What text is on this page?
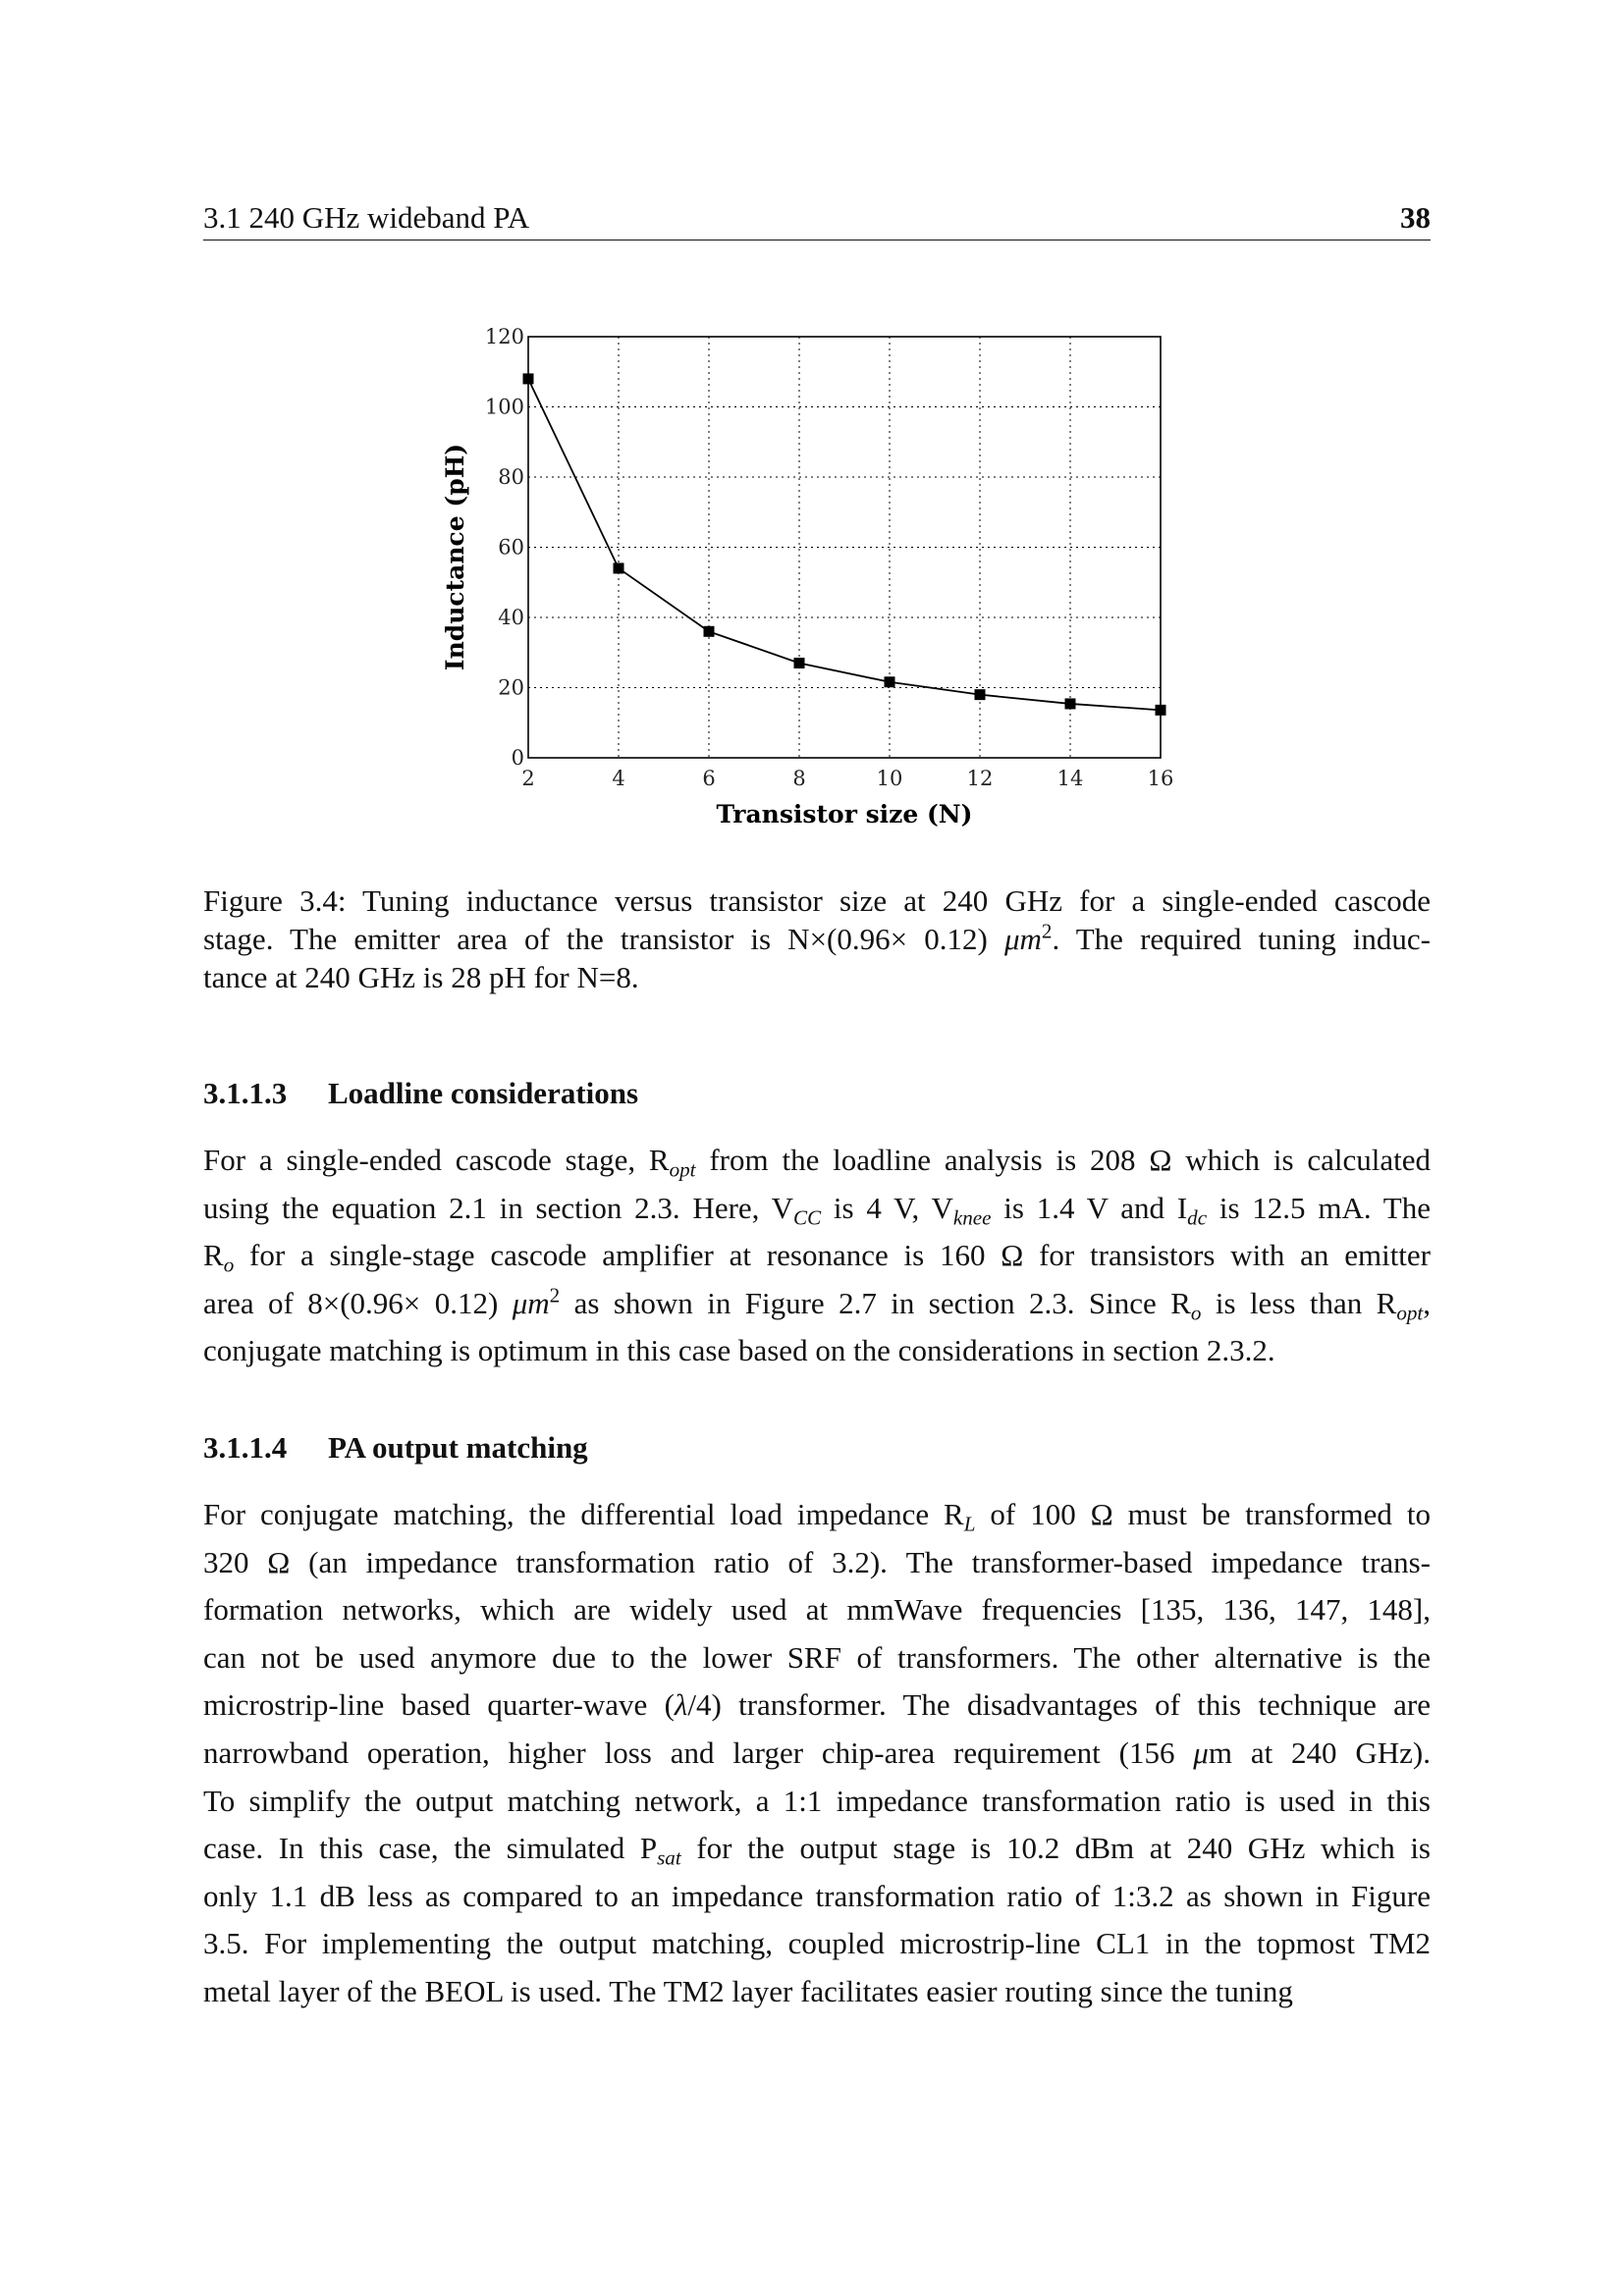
3.1 240 GHz wideband PA	38
0
20
40
60
80
100
120
2	4	6	8	10	12	14	16
Transistor size (N)
Inductance (pH)
Figure 3.4: Tuning inductance versus transistor size at 240 GHz for a single-ended cascode
stage. The emitter area of the transistor is N×(0.96× 0.12) $\mu m^2$. The required tuning induc-
tance at 240 GHz is 28 pH for N=8.
3.1.1.3 Loadline considerations
For a single-ended cascode stage, $R_{opt}$ from the loadline analysis is 208 Ω which is calculated
using the equation 2.1 in section 2.3. Here, $V_{CC}$ is 4 V, $V_{knee}$ is 1.4 V and $I_{dc}$ is 12.5 mA. The
$R_o$ for a single-stage cascode amplifier at resonance is 160 Ω for transistors with an emitter
area of 8×(0.96× 0.12) $\mu m^2$ as shown in Figure 2.7 in section 2.3. Since $R_o$ is less than $R_{opt}$,
conjugate matching is optimum in this case based on the considerations in section 2.3.2.
3.1.1.4 PA output matching
For conjugate matching, the differential load impedance $R_L$ of 100 Ω must be transformed to
320 Ω (an impedance transformation ratio of 3.2). The transformer-based impedance trans-
formation networks, which are widely used at mmWave frequencies [135, 136, 147, 148],
can not be used anymore due to the lower SRF of transformers. The other alternative is the
microstrip-line based quarter-wave (λ/4) transformer. The disadvantages of this technique are
narrowband operation, higher loss and larger chip-area requirement (156 μm at 240 GHz).
To simplify the output matching network, a 1:1 impedance transformation ratio is used in this
case. In this case, the simulated $P_{sat}$ for the output stage is 10.2 dBm at 240 GHz which is
only 1.1 dB less as compared to an impedance transformation ratio of 1:3.2 as shown in Figure
3.5. For implementing the output matching, coupled microstrip-line CL1 in the topmost TM2
metal layer of the BEOL is used. The TM2 layer facilitates easier routing since the tuning
